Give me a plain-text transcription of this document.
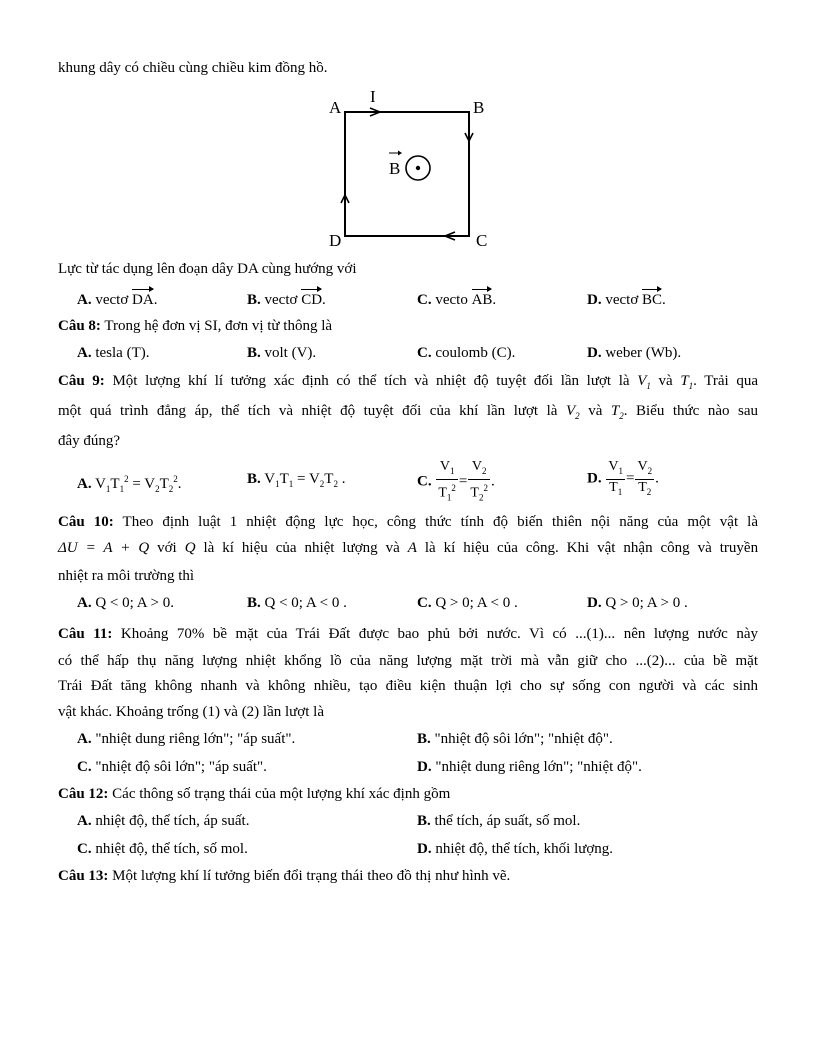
khung dây có chiều cùng chiều kim đồng hồ.
B
A
I
B
D	C
Lực từ tác dụng lên đoạn dây DA cùng hướng với
A. vectơ DA.	B. vectơ CD.	C. vecto AB.	D. vectơ BC.
Câu 8: Trong hệ đơn vị SI, đơn vị từ thông là
A. tesla (T).	B. volt (V).	C. coulomb (C).	D. weber (Wb).
Câu 9: Một lượng khí lí tưởng xác định có thể tích và nhiệt độ tuyệt đối lần lượt là $V_1$ và $T_1$. Trải qua
một quá trình đẳng áp, thể tích và nhiệt độ tuyệt đối của khí lần lượt là $V_2$ và $T_2$. Biểu thức nào sau
đây đúng?
A. $V_1T_1^2 = V_2T_2^2$.	B. $V_1T_1 = V_2T_2$ .	C. $\frac{V_1}{T_1^2} = \frac{V_2}{T_2^2}$ .	D. $\frac{V_1}{T_1} = \frac{V_2}{T_2}$ .
Câu 10: Theo định luật 1 nhiệt động lực học, công thức tính độ biến thiên nội năng của một vật là
ΔU = A + Q với Q là kí hiệu của nhiệt lượng và A là kí hiệu của công. Khi vật nhận công và truyền
nhiệt ra môi trường thì
A. Q < 0; A > 0.	B. Q < 0; A < 0 .	C. Q > 0; A < 0 .	D. Q > 0; A > 0 .
Câu 11: Khoảng 70% bề mặt của Trái Đất được bao phủ bởi nước. Vì có ...(1)... nên lượng nước này
có thể hấp thụ năng lượng nhiệt khổng lồ của năng lượng mặt trời mà vẫn giữ cho ...(2)... của bề mặt
Trái Đất tăng không nhanh và không nhiều, tạo điều kiện thuận lợi cho sự sống con người và các sinh
vật khác. Khoảng trống (1) và (2) lần lượt là
A. "nhiệt dung riêng lớn"; "áp suất".	B. "nhiệt độ sôi lớn"; "nhiệt độ".
C. "nhiệt độ sôi lớn"; "áp suất".	D. "nhiệt dung riêng lớn"; "nhiệt độ".
Câu 12: Các thông số trạng thái của một lượng khí xác định gồm
A. nhiệt độ, thể tích, áp suất.	B. thể tích, áp suất, số mol.
C. nhiệt độ, thể tích, số mol.	D. nhiệt độ, thể tích, khối lượng.
Câu 13: Một lượng khí lí tưởng biến đổi trạng thái theo đồ thị như hình vẽ.
